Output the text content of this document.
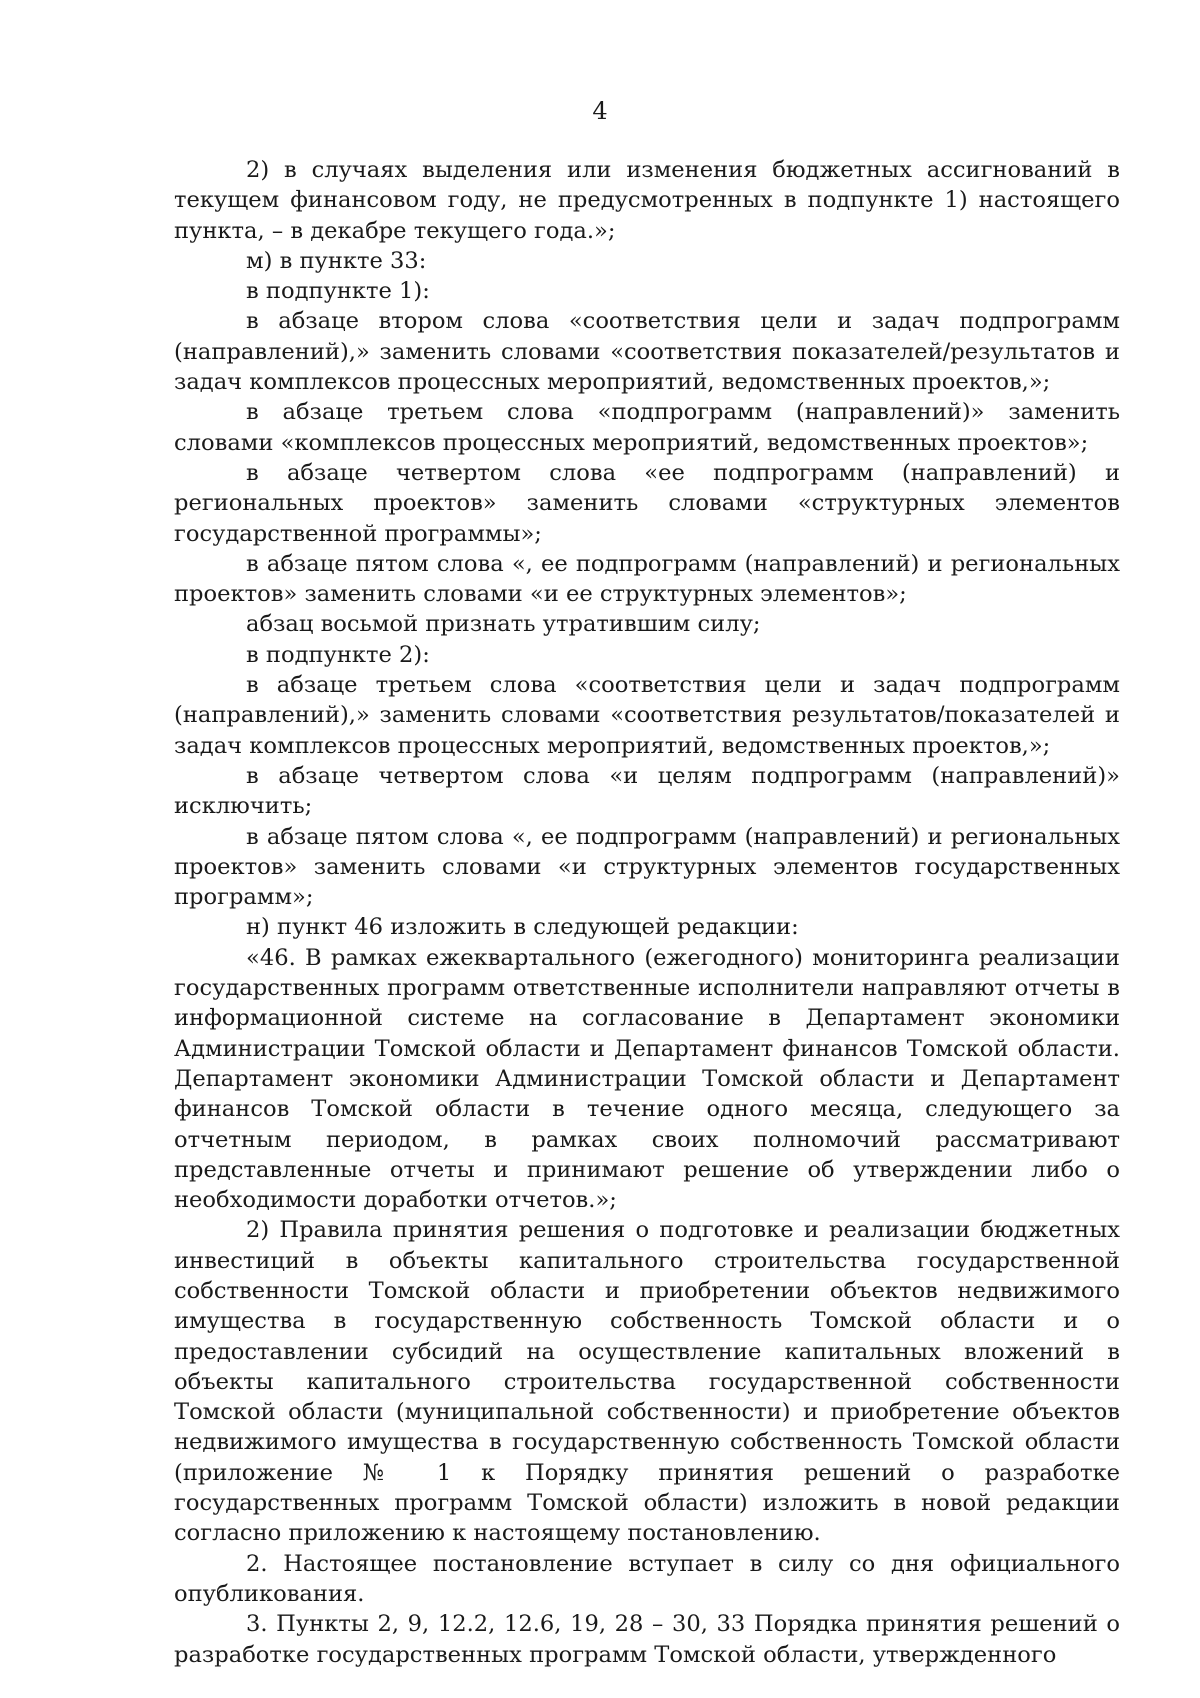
4

2) в случаях выделения или изменения бюджетных ассигнований в текущем финансовом году, не предусмотренных в подпункте 1) настоящего пункта, – в декабре текущего года.»;

м) в пункте 33:

в подпункте 1):

в абзаце втором слова «соответствия цели и задач подпрограмм (направлений),» заменить словами «соответствия показателей/результатов и задач комплексов процессных мероприятий, ведомственных проектов,»;

в абзаце третьем слова «подпрограмм (направлений)» заменить словами «комплексов процессных мероприятий, ведомственных проектов»;

в абзаце четвертом слова «ее подпрограмм (направлений) и региональных проектов» заменить словами «структурных элементов государственной программы»;

в абзаце пятом слова «, ее подпрограмм (направлений) и региональных проектов» заменить словами «и ее структурных элементов»;

абзац восьмой признать утратившим силу;

в подпункте 2):

в абзаце третьем слова «соответствия цели и задач подпрограмм (направлений),» заменить словами «соответствия результатов/показателей и задач комплексов процессных мероприятий, ведомственных проектов,»;

в абзаце четвертом слова «и целям подпрограмм (направлений)» исключить;

в абзаце пятом слова «, ее подпрограмм (направлений) и региональных проектов» заменить словами «и структурных элементов государственных программ»;

н) пункт 46 изложить в следующей редакции:

«46. В рамках ежеквартального (ежегодного) мониторинга реализации государственных программ ответственные исполнители направляют отчеты в информационной системе на согласование в Департамент экономики Администрации Томской области и Департамент финансов Томской области. Департамент экономики Администрации Томской области и Департамент финансов Томской области в течение одного месяца, следующего за отчетным периодом, в рамках своих полномочий рассматривают представленные отчеты и принимают решение об утверждении либо о необходимости доработки отчетов.»;

2) Правила принятия решения о подготовке и реализации бюджетных инвестиций в объекты капитального строительства государственной собственности Томской области и приобретении объектов недвижимого имущества в государственную собственность Томской области и о предоставлении субсидий на осуществление капитальных вложений в объекты капитального строительства государственной собственности Томской области (муниципальной собственности) и приобретение объектов недвижимого имущества в государственную собственность Томской области (приложение № 1 к Порядку принятия решений о разработке государственных программ Томской области) изложить в новой редакции согласно приложению к настоящему постановлению.

2. Настоящее постановление вступает в силу со дня официального опубликования.

3. Пункты 2, 9, 12.2, 12.6, 19, 28 – 30, 33 Порядка принятия решений о разработке государственных программ Томской области, утвержденного
